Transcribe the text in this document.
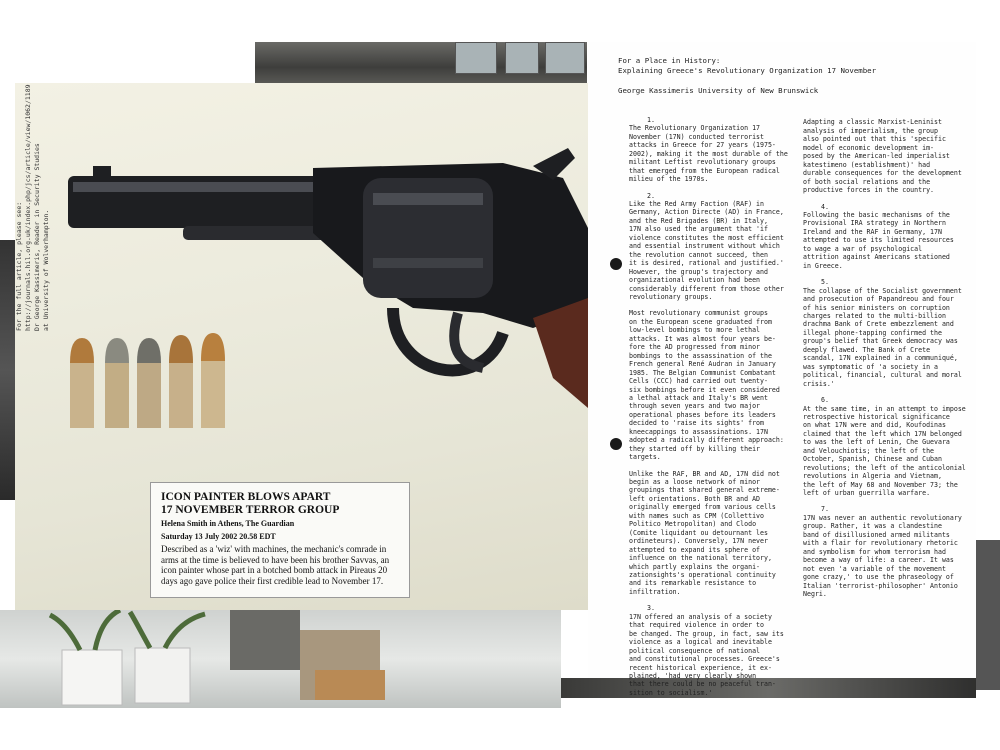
For the full article, please see: http://journals.hil.org.uk/index.php/jcs/article/view/1062/1189 Dr George Kassimeris, Reader in Security Studies at University of Wolverhampton.
ICON PAINTER BLOWS APART
17 NOVEMBER TERROR GROUP
Helena Smith in Athens, The Guardian
Saturday 13 July 2002 20.58 EDT
Described as a 'wiz' with machines, the mechanic's comrade in arms at the time is believed to have been his brother Savvas, an icon painter whose part in a botched bomb attack in Pireaus 20 days ago gave police their first credible lead to November 17.
For a Place in History:
Explaining Greece's Revolutionary Organization 17 November

George Kassimeris University of New Brunswick

1.
The Revolutionary Organization 17
November (17N) conducted terrorist
attacks in Greece for 27 years (1975-
2002), making it the most durable of the
militant Leftist revolutionary groups
that emerged from the European radical
milieu of the 1970s.

2.
Like the Red Army Faction (RAF) in
Germany, Action Directe (AD) in France,
and the Red Brigades (BR) in Italy,
17N also used the argument that 'if
violence constitutes the most efficient
and essential instrument without which
the revolution cannot succeed, then
it is desired, rational and justified.'
However, the group's trajectory and
organizational evolution had been
considerably different from those other
revolutionary groups.

Most revolutionary communist groups
on the European scene graduated from
low-level bombings to more lethal
attacks. It was almost four years be-
fore the AD progressed from minor
bombings to the assassination of the
French general René Audran in January
1985. The Belgian Communist Combatant
Cells (CCC) had carried out twenty-
six bombings before it even considered
a lethal attack and Italy's BR went
through seven years and two major
operational phases before its leaders
decided to 'raise its sights' from
kneecappings to assassinations. 17N
adopted a radically different approach:
they started off by killing their
targets.

Unlike the RAF, BR and AD, 17N did not
begin as a loose network of minor
groupings that shared general extreme-
left orientations. Both BR and AD
originally emerged from various cells
with names such as CPM (Collettivo
Politico Metropolitan) and Clodo
(Comite liquidant ou detournant les
ordineteurs). Conversely, 17N never
attempted to expand its sphere of
influence on the national territory,
which partly explains the organi-
zationsights's operational continuity
and its remarkable resistance to
infiltration.

3.
17N offered an analysis of a society
that required violence in order to
be changed. The group, in fact, saw its
violence as a logical and inevitable
political consequence of national
and constitutional processes. Greece's
recent historical experience, it ex-
plained, 'had very clearly shown
that there could be no peaceful tran-
sition to socialism.'

Adapting a classic Marxist-Leninist
analysis of imperialism, the group
also pointed out that this 'specific
model of economic development im-
posed by the American-led imperialist
katestimeno (establishment)' had
durable consequences for the development
of both social relations and the
productive forces in the country.

4.
Following the basic mechanisms of the
Provisional IRA strategy in Northern
Ireland and the RAF in Germany, 17N
attempted to use its limited resources
to wage a war of psychological
attrition against Americans stationed
in Greece.

5.
The collapse of the Socialist government
and prosecution of Papandreou and four
of his senior ministers on corruption
charges related to the multi-billion
drachma Bank of Crete embezzlement and
illegal phone-tapping confirmed the
group's belief that Greek democracy was
deeply flawed. The Bank of Crete
scandal, 17N explained in a communiqué,
was symptomatic of 'a society in a
political, financial, cultural and moral
crisis.'

6.
At the same time, in an attempt to impose
retrospective historical significance
on what 17N were and did, Koufodinas
claimed that the left which 17N belonged
to was the left of Lenin, Che Guevara
and Velouchiotis; the left of the
October, Spanish, Chinese and Cuban
revolutions; the left of the anticolonial
revolutions in Algeria and Vietnam,
the left of May 68 and November 73; the
left of urban guerrilla warfare.

7.
17N was never an authentic revolutionary
group. Rather, it was a clandestine
band of disillusioned armed militants
with a flair for revolutionary rhetoric
and symbolism for whom terrorism had
become a way of life: a career. It was
not even 'a variable of the movement
gone crazy,' to use the phraseology of
Italian 'terrorist-philosopher' Antonio
Negri.
